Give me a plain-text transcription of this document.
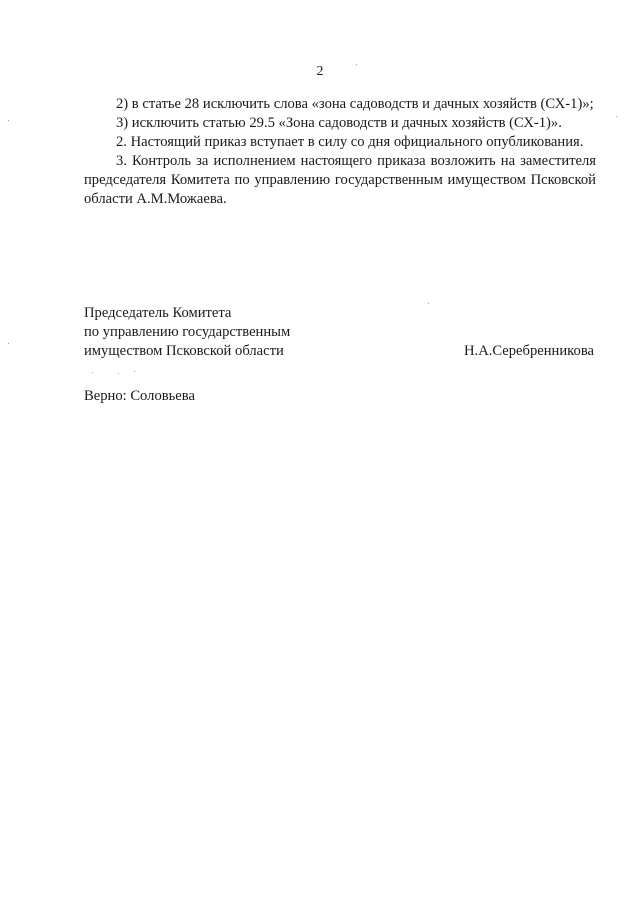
2

2) в статье 28 исключить слова «зона садоводств и дачных хозяйств (СХ-1)»;

3) исключить статью 29.5 «Зона садоводств и дачных хозяйств (СХ-1)».

2. Настоящий приказ вступает в силу со дня официального опубликования.

3. Контроль за исполнением настоящего приказа возложить на заместителя председателя Комитета по управлению государственным имуществом Псковской области А.М.Можаева.

Председатель Комитета
по управлению государственным
имуществом Псковской области	Н.А.Серебренникова
Верно: Соловьева
